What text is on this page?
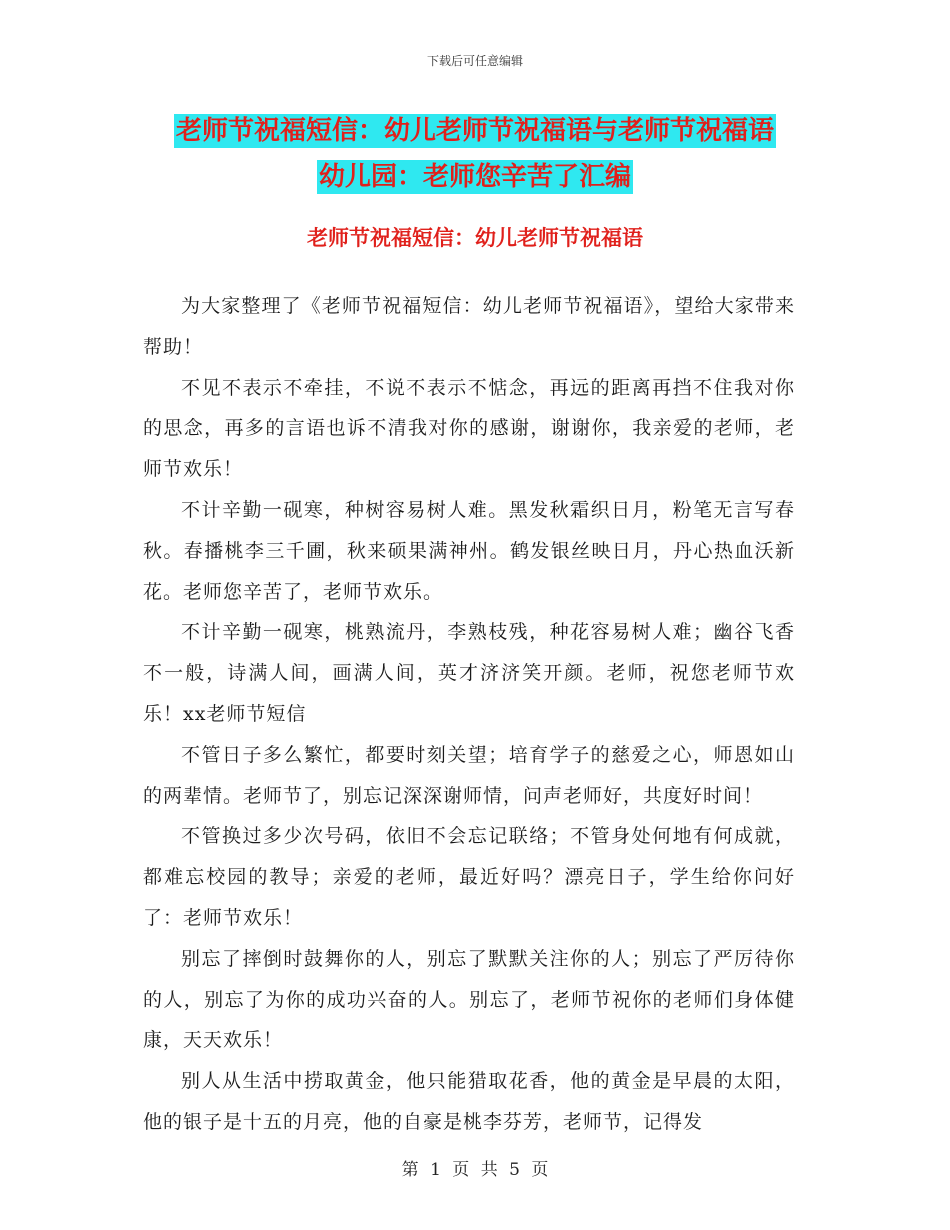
下载后可任意编辑
老师节祝福短信：幼儿老师节祝福语与老师节祝福语
幼儿园：老师您辛苦了汇编
老师节祝福短信：幼儿老师节祝福语

为大家整理了《老师节祝福短信：幼儿老师节祝福语》，望给大家带来帮助！

不见不表示不牵挂，不说不表示不惦念，再远的距离再挡不住我对你的思念，再多的言语也诉不清我对你的感谢，谢谢你，我亲爱的老师，老师节欢乐！

不计辛勤一砚寒，种树容易树人难。黑发秋霜织日月，粉笔无言写春秋。春播桃李三千圃，秋来硕果满神州。鹤发银丝映日月，丹心热血沃新花。老师您辛苦了，老师节欢乐。

不计辛勤一砚寒，桃熟流丹，李熟枝残，种花容易树人难；幽谷飞香不一般，诗满人间，画满人间，英才济济笑开颜。老师，祝您老师节欢乐！xx老师节短信

不管日子多么繁忙，都要时刻关望；培育学子的慈爱之心，师恩如山的两辈情。老师节了，别忘记深深谢师情，问声老师好，共度好时间！

不管换过多少次号码，依旧不会忘记联络；不管身处何地有何成就，都难忘校园的教导；亲爱的老师，最近好吗？漂亮日子，学生给你问好了：老师节欢乐！

别忘了摔倒时鼓舞你的人，别忘了默默关注你的人；别忘了严厉待你的人，别忘了为你的成功兴奋的人。别忘了，老师节祝你的老师们身体健康，天天欢乐！

别人从生活中捞取黄金，他只能猎取花香，他的黄金是早晨的太阳，他的银子是十五的月亮，他的自豪是桃李芬芳，老师节，记得发

第 1 页 共 5 页
